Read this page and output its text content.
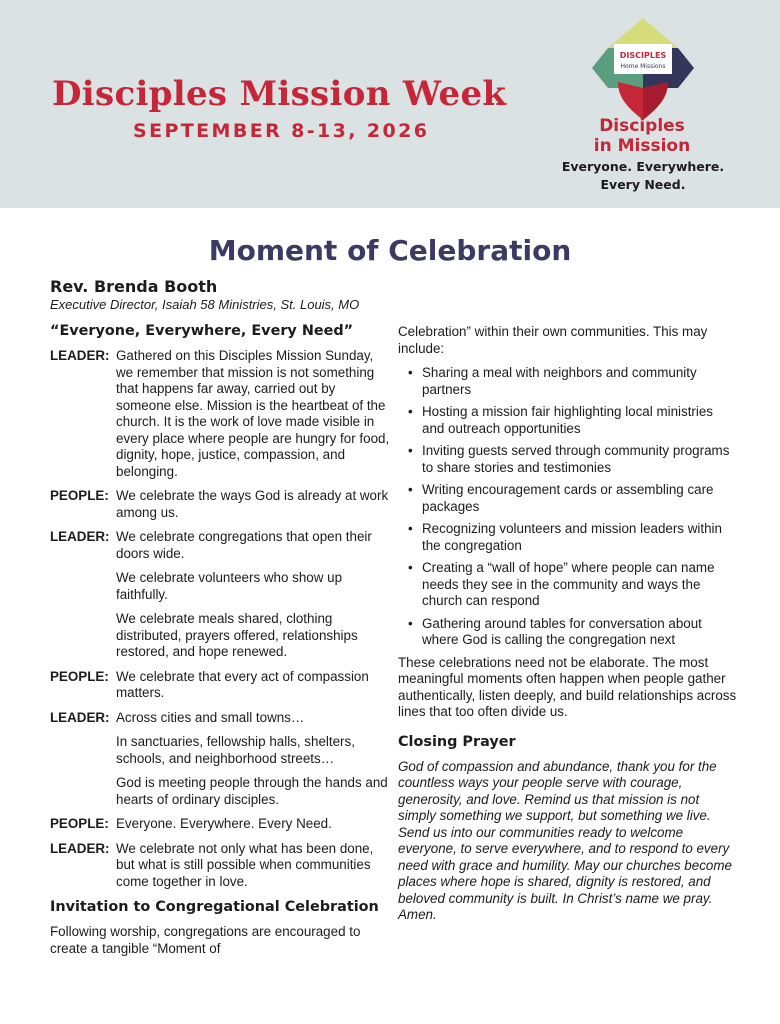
Disciples Mission Week
SEPTEMBER 8-13, 2026
DISCIPLES
Home Missions
Disciples
in Mission
Everyone. Everywhere.
Every Need.
Moment of Celebration
Rev. Brenda Booth
Executive Director, Isaiah 58 Ministries, St. Louis, MO
“Everyone, Everywhere, Every Need”
LEADER: Gathered on this Disciples Mission Sunday, we remember that mission is not something that happens far away, carried out by someone else. Mission is the heartbeat of the church. It is the work of love made visible in every place where people are hungry for food, dignity, hope, justice, compassion, and belonging.

PEOPLE: We celebrate the ways God is already at work among us.

LEADER: We celebrate congregations that open their doors wide.

We celebrate volunteers who show up faithfully.

We celebrate meals shared, clothing distributed, prayers offered, relationships restored, and hope renewed.

PEOPLE: We celebrate that every act of compassion matters.

LEADER: Across cities and small towns…

In sanctuaries, fellowship halls, shelters, schools, and neighborhood streets…

God is meeting people through the hands and hearts of ordinary disciples.

PEOPLE: Everyone. Everywhere. Every Need.

LEADER: We celebrate not only what has been done, but what is still possible when communities come together in love.

Invitation to Congregational Celebration

Following worship, congregations are encouraged to create a tangible “Moment of

Celebration” within their own communities. This may include:

• Sharing a meal with neighbors and community partners
• Hosting a mission fair highlighting local ministries and outreach opportunities
• Inviting guests served through community programs to share stories and testimonies
• Writing encouragement cards or assembling care packages
• Recognizing volunteers and mission leaders within the congregation
• Creating a “wall of hope” where people can name needs they see in the community and ways the church can respond
• Gathering around tables for conversation about where God is calling the congregation next

These celebrations need not be elaborate. The most meaningful moments often happen when people gather authentically, listen deeply, and build relationships across lines that too often divide us.

Closing Prayer

God of compassion and abundance, thank you for the countless ways your people serve with courage, generosity, and love. Remind us that mission is not simply something we support, but something we live. Send us into our communities ready to welcome everyone, to serve everywhere, and to respond to every need with grace and humility. May our churches become places where hope is shared, dignity is restored, and beloved community is built. In Christ’s name we pray. Amen.
